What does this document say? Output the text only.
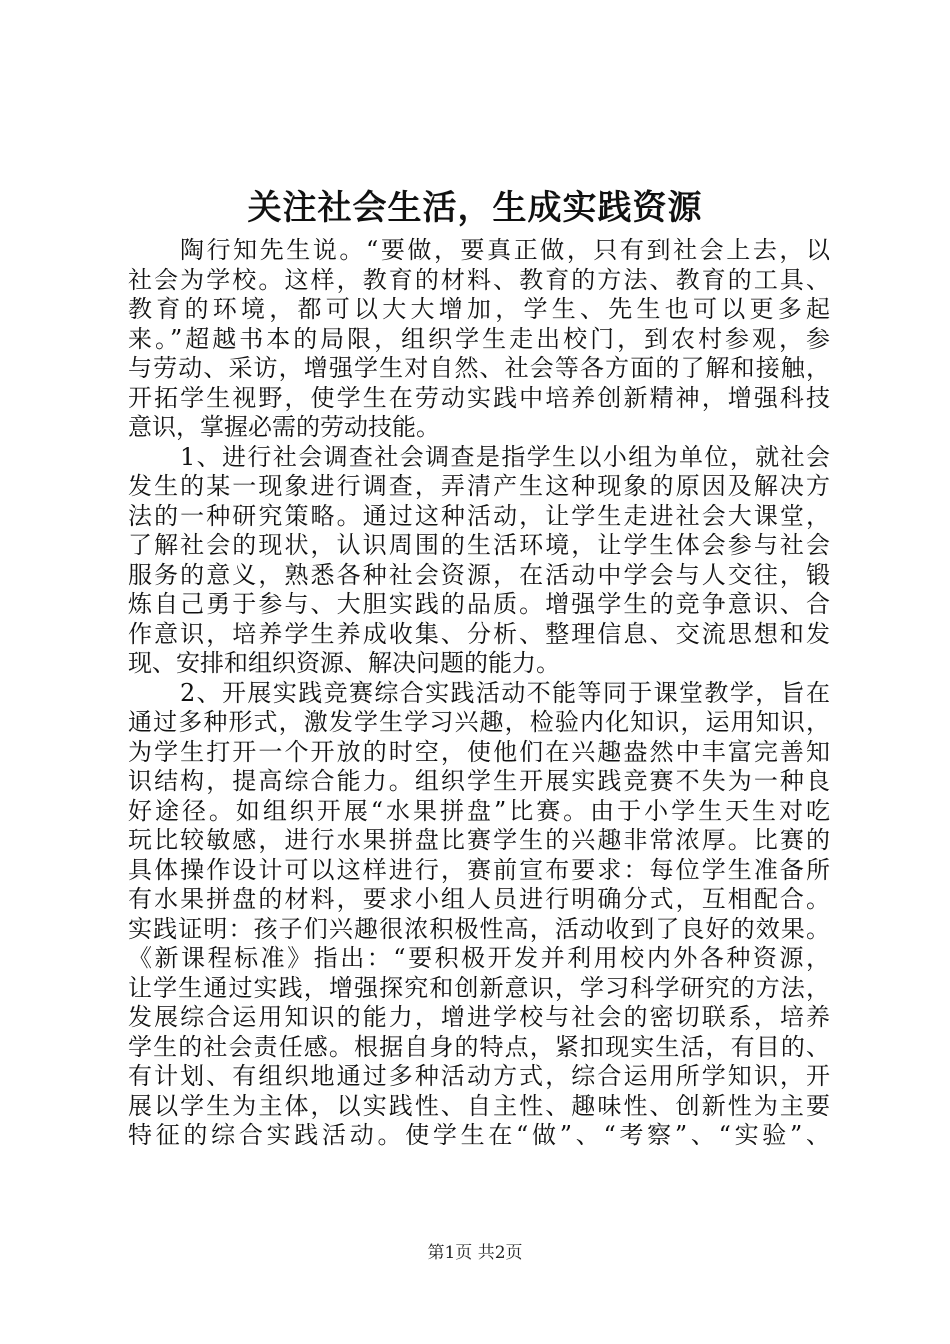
关注社会生活，生成实践资源
陶行知先生说。“要做，要真正做，只有到社会上去，以
社会为学校。这样，教育的材料、教育的方法、教育的工具、
教育的环境，都可以大大增加，学生、先生也可以更多起
来。”超越书本的局限，组织学生走出校门，到农村参观，参
与劳动、采访，增强学生对自然、社会等各方面的了解和接触，
开拓学生视野，使学生在劳动实践中培养创新精神，增强科技
意识，掌握必需的劳动技能。
1、进行社会调查社会调查是指学生以小组为单位，就社会
发生的某一现象进行调查，弄清产生这种现象的原因及解决方
法的一种研究策略。通过这种活动，让学生走进社会大课堂，
了解社会的现状，认识周围的生活环境，让学生体会参与社会
服务的意义，熟悉各种社会资源，在活动中学会与人交往，锻
炼自己勇于参与、大胆实践的品质。增强学生的竞争意识、合
作意识，培养学生养成收集、分析、整理信息、交流思想和发
现、安排和组织资源、解决问题的能力。
2、开展实践竞赛综合实践活动不能等同于课堂教学，旨在
通过多种形式，激发学生学习兴趣，检验内化知识，运用知识，
为学生打开一个开放的时空，使他们在兴趣盎然中丰富完善知
识结构，提高综合能力。组织学生开展实践竞赛不失为一种良
好途径。如组织开展“水果拼盘”比赛。由于小学生天生对吃
玩比较敏感，进行水果拼盘比赛学生的兴趣非常浓厚。比赛的
具体操作设计可以这样进行，赛前宣布要求：每位学生准备所
有水果拼盘的材料，要求小组人员进行明确分式，互相配合。
实践证明：孩子们兴趣很浓积极性高，活动收到了良好的效果。
《新课程标准》指出：“要积极开发并利用校内外各种资源，
让学生通过实践，增强探究和创新意识，学习科学研究的方法，
发展综合运用知识的能力，增进学校与社会的密切联系，培养
学生的社会责任感。根据自身的特点，紧扣现实生活，有目的、
有计划、有组织地通过多种活动方式，综合运用所学知识，开
展以学生为主体，以实践性、自主性、趣味性、创新性为主要
特征的综合实践活动。使学生在“做”、“考察”、“实验”、
第1页 共2页
